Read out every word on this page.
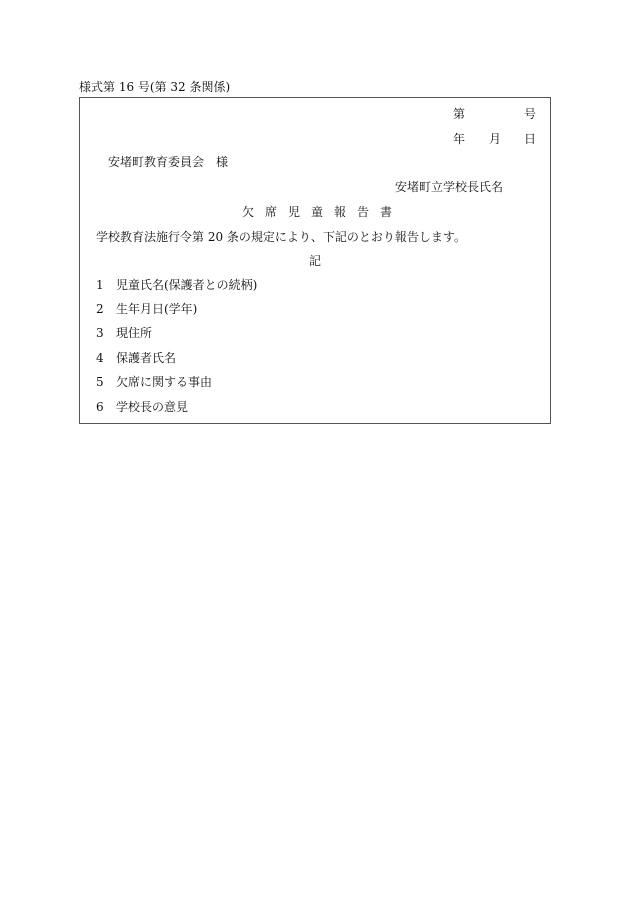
様式第 16 号(第 32 条関係)
第	号
年 月 日
安堵町教育委員会　様
安堵町立学校長氏名
欠席児童報告書
学校教育法施行令第 20 条の規定により、下記のとおり報告します。
記
1 児童氏名(保護者との続柄)
2 生年月日(学年)
3 現住所
4 保護者氏名
5 欠席に関する事由
6 学校長の意見
